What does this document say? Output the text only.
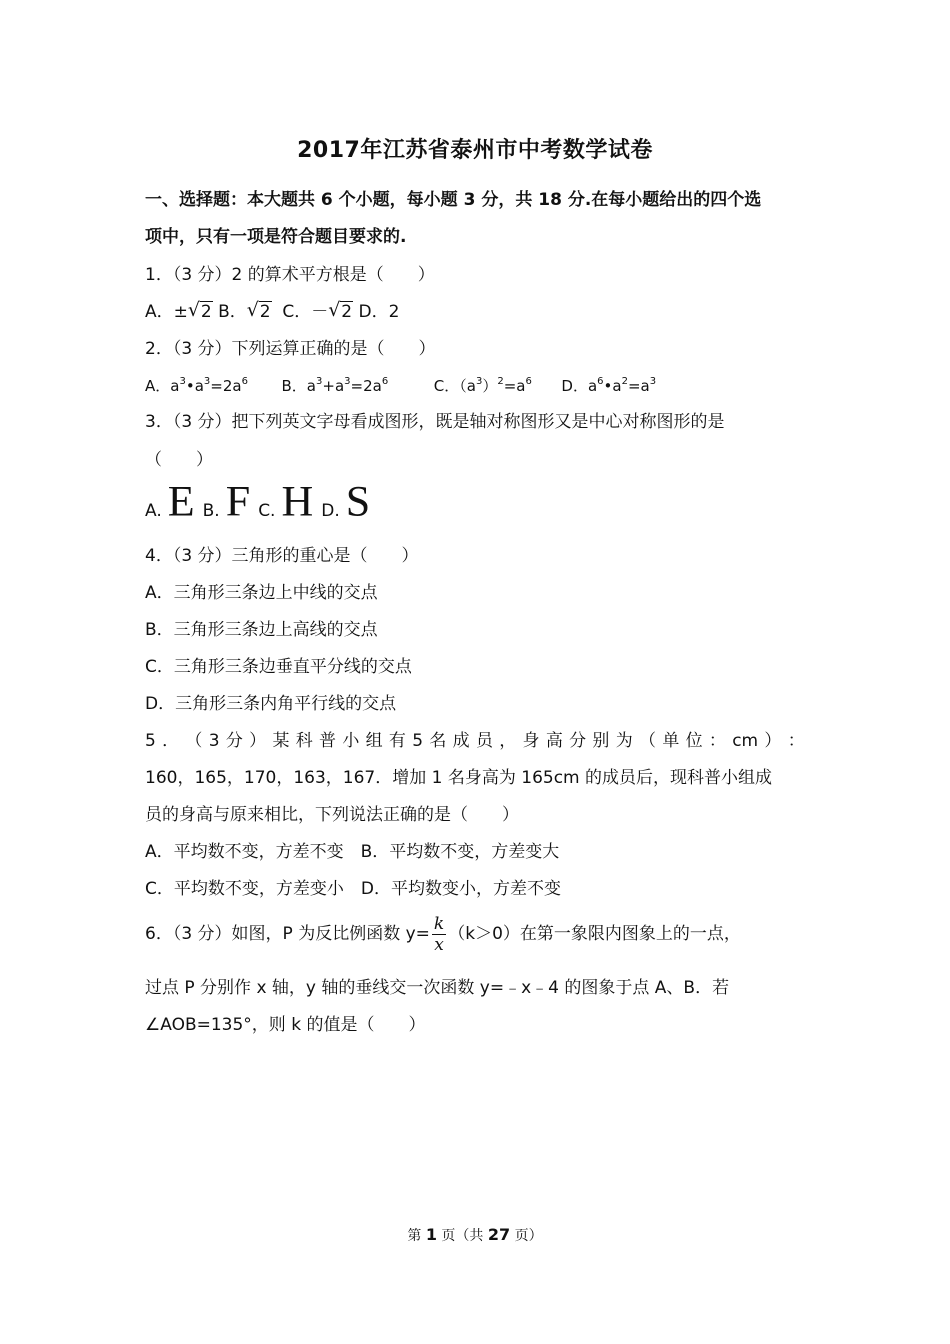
2017年江苏省泰州市中考数学试卷
一、选择题：本大题共 6 个小题，每小题 3 分，共 18 分.在每小题给出的四个选
项中，只有一项是符合题目要求的.
1．（3 分）2 的算术平方根是（　　）
A．± √ 2 B． √ 2 C．－ √ 2 D．2
2．（3 分）下列运算正确的是（　　）
A．$a^3•a^3=2a^6$ B．$a^3+a^3=2a^6$	C．$(a^3)^2=a^6$ D．$a^6•a^2=a^3$
3．（3 分）把下列英文字母看成图形，既是轴对称图形又是中心对称图形的是
（　　）
A. E B. F C. H D. S
4．（3 分）三角形的重心是（　　）
A．三角形三条边上中线的交点
B．三角形三条边上高线的交点
C．三角形三条边垂直平分线的交点
D．三角形三条内角平行线的交点
5 ． （ 3 分 ） 某 科 普 小 组 有 5 名 成 员 ， 身 高 分 别 为 （ 单 位 ： cm ） ：
160，165，170，163，167．增加 1 名身高为 165cm 的成员后，现科普小组成
员的身高与原来相比，下列说法正确的是（　　）
A．平均数不变，方差不变　B．平均数不变，方差变大
C．平均数不变，方差变小　D．平均数变小，方差不变
6．（3 分）如图，P 为反比例函数 $y= \frac{k}{x} (k>0)$在第一象限内图象上的一点，
过点 P 分别作 x 轴，y 轴的垂线交一次函数 y=﹣x﹣4 的图象于点 A、B．若
∠AOB=135°，则 k 的值是（　　）
第 1 页（共 27 页）
